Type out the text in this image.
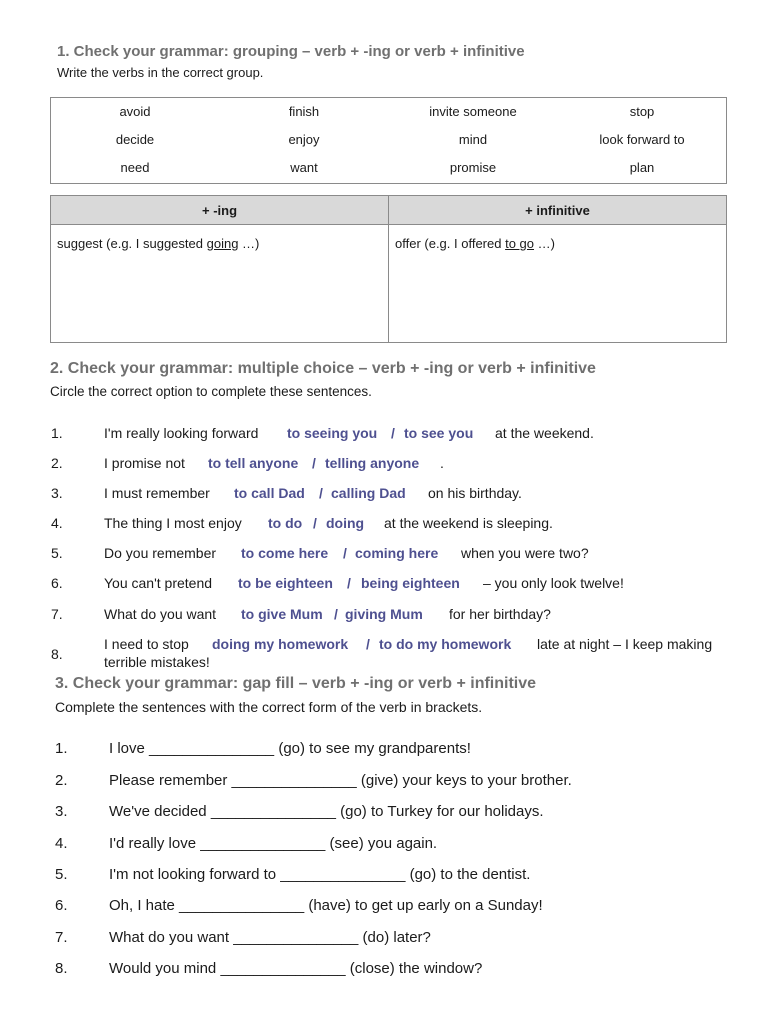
1. Check your grammar: grouping – verb + -ing or verb + infinitive
Write the verbs in the correct group.
avoid	finish	invite someone	stop
decide	enjoy	mind	look forward to
need	want	promise	plan
+ -ing	+ infinitive
suggest (e.g. I suggested going …)	offer (e.g. I offered to go …)
2. Check your grammar: multiple choice – verb + -ing or verb + infinitive
Circle the correct option to complete these sentences.
1.	I'm really looking forward to seeing you / to see you at the weekend.
2.	I promise not to tell anyone / telling anyone .
3.	I must remember to call Dad / calling Dad on his birthday.
4.	The thing I most enjoy to do / doing at the weekend is sleeping.
5.	Do you remember to come here / coming here when you were two?
6.	You can't pretend to be eighteen / being eighteen – you only look twelve!
7.	What do you want to give Mum / giving Mum for her birthday?
8.
I need to stop doing my homework / to do my homework late at night – I keep making
terrible mistakes!
3. Check your grammar: gap fill – verb + -ing or verb + infinitive
Complete the sentences with the correct form of the verb in brackets.
1.	I love _______________ (go) to see my grandparents!
2.	Please remember _______________ (give) your keys to your brother.
3.	We've decided _______________ (go) to Turkey for our holidays.
4.	I'd really love _______________ (see) you again.
5.	I'm not looking forward to _______________ (go) to the dentist.
6.	Oh, I hate _______________ (have) to get up early on a Sunday!
7.	What do you want _______________ (do) later?
8.	Would you mind _______________ (close) the window?
